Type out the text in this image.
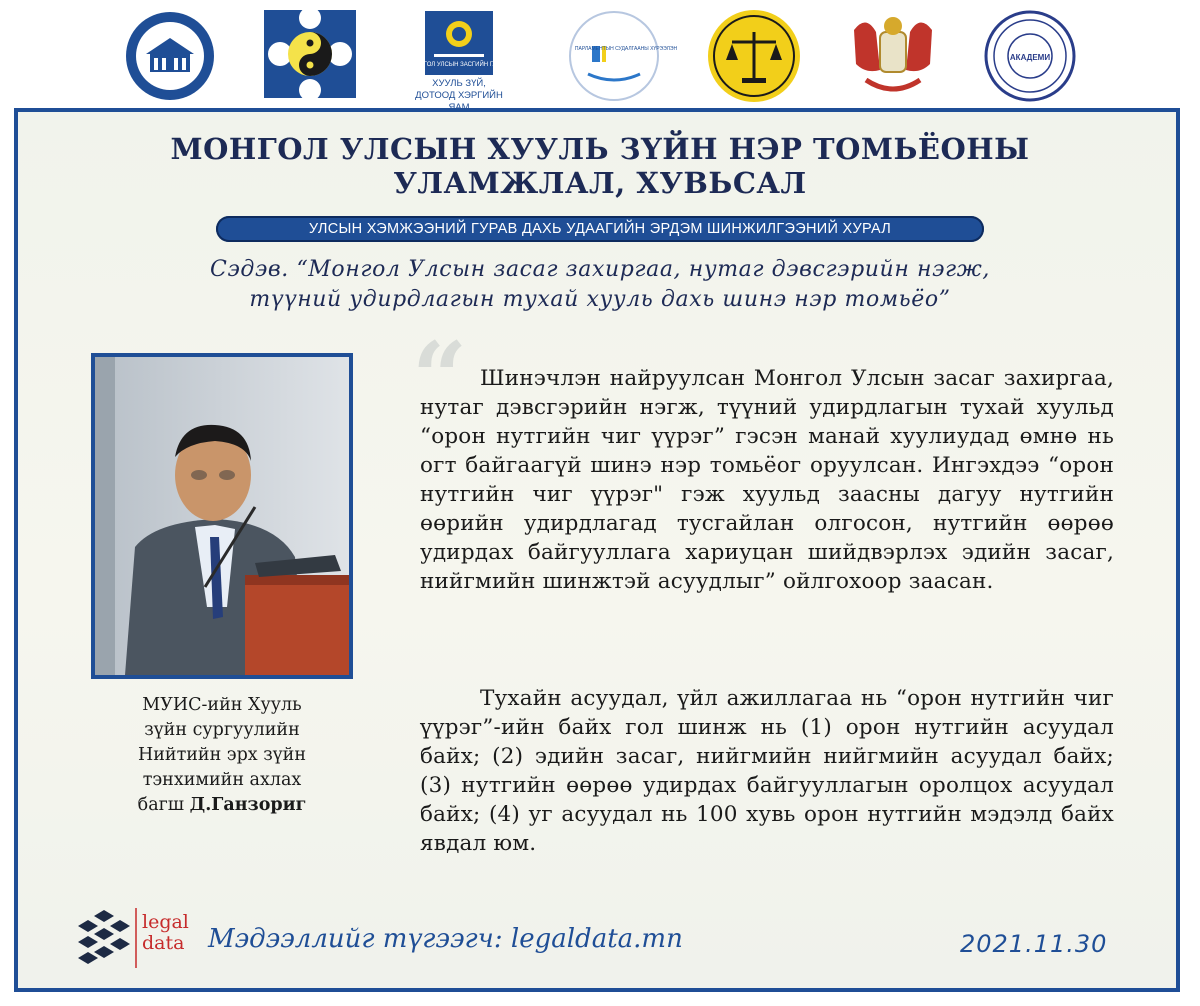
МОНГОЛ УЛСЫН ЗАСГИЙН ГАЗАР
ХУУЛЬ ЗҮЙ, ДОТООД ХЭРГИЙН
ПАРЛАМЕНТЫН СУДАЛГААНЫ ХҮРЭЭЛЭН
АКАДЕМИ
МОНГОЛ УЛСЫН ХУУЛЬ ЗҮЙН НЭР ТОМЬЁОНЫ
УЛАМЖЛАЛ, ХУВЬСАЛ
УЛСЫН ХЭМЖЭЭНИЙ ГУРАВ ДАХЬ УДААГИЙН ЭРДЭМ ШИНЖИЛГЭЭНИЙ ХУРАЛ
Сэдэв. “Монгол Улсын засаг захиргаа, нутаг дэвсгэрийн нэгж,
түүний удирдлагын тухай хууль дахь шинэ нэр томьёо”
МУИС-ийн Хууль
зүйн сургуулийн
Нийтийн эрх зүйн
тэнхимийн ахлах
багш Д.Ганзориг
“ Шинэчлэн найруулсан Монгол Улсын засаг захиргаа, нутаг дэвсгэрийн нэгж, түүний удирдлагын тухай хуульд “орон нутгийн чиг үүрэг” гэсэн манай хуулиудад өмнө нь огт байгаагүй шинэ нэр томьёог оруулсан. Ингэхдээ “орон нутгийн чиг үүрэг" гэж хуульд заасны дагуу нутгийн өөрийн удирдлагад тусгайлан олгосон, нутгийн өөрөө удирдах байгууллага хариуцан шийдвэрлэх эдийн засаг, нийгмийн шинжтэй асуудлыг” ойлгохоор заасан.
Тухайн асуудал, үйл ажиллагаа нь “орон нутгийн чиг үүрэг”-ийн байх гол шинж нь (1) орон нутгийн асуудал байх; (2) эдийн засаг, нийгмийн нийгмийн асуудал байх; (3) нутгийн өөрөө удирдах байгууллагын оролцох асуудал байх; (4) уг асуудал нь 100 хувь орон нутгийн мэдэлд байх явдал юм.
legal
data Мэдээллийг түгээгч: legaldata.mn	2021.11.30
